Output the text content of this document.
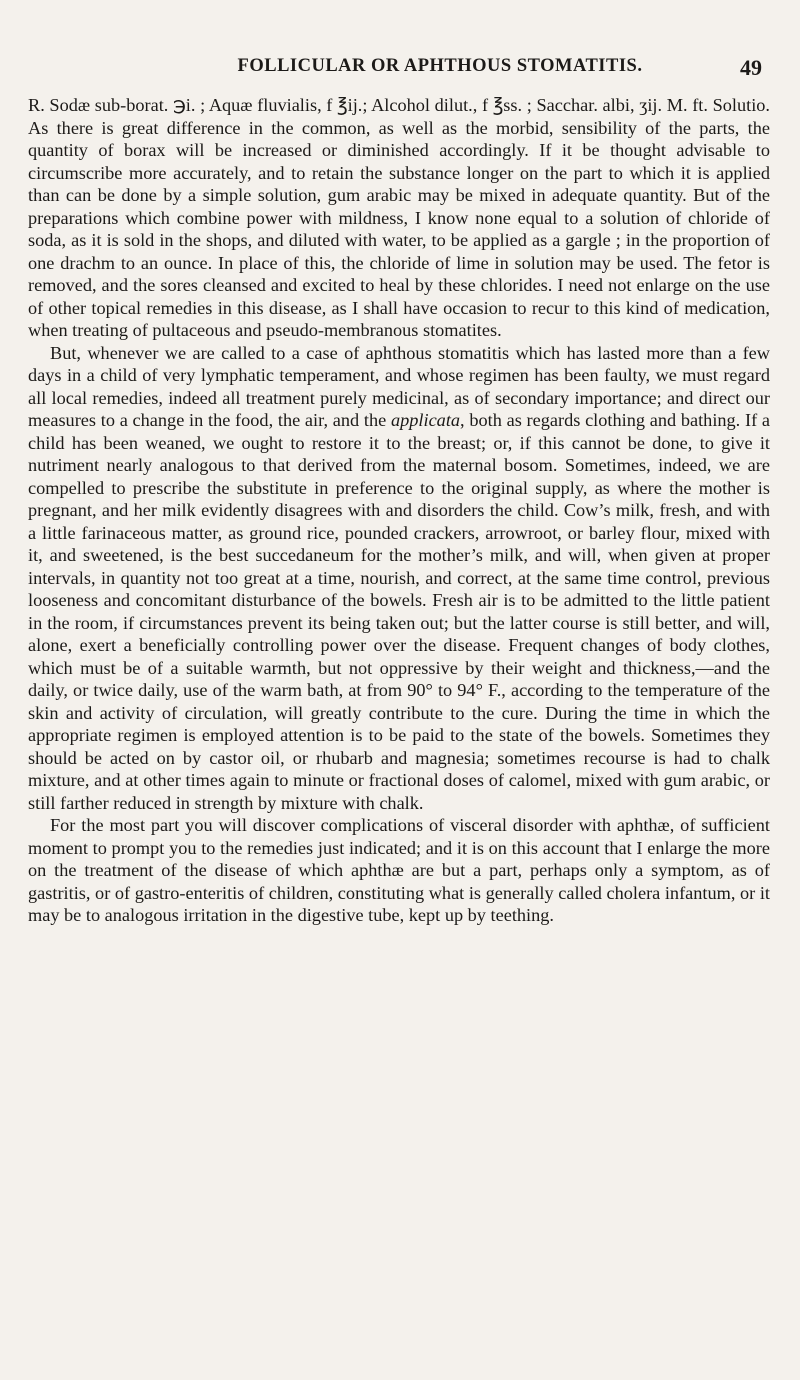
FOLLICULAR OR APHTHOUS STOMATITIS.	49

R. Sodæ sub-borat. ℈i. ; Aquæ fluvialis, f ℥ij.; Alcohol dilut., f ℥ss. ; Sacchar. albi, ʒij. M. ft. Solutio. As there is great difference in the common, as well as the morbid, sensibility of the parts, the quantity of borax will be increased or diminished accordingly. If it be thought advisable to circumscribe more accurately, and to retain the substance longer on the part to which it is applied than can be done by a simple solution, gum arabic may be mixed in adequate quantity. But of the preparations which combine power with mildness, I know none equal to a solution of chloride of soda, as it is sold in the shops, and diluted with water, to be applied as a gargle ; in the proportion of one drachm to an ounce. In place of this, the chloride of lime in solution may be used. The fetor is removed, and the sores cleansed and excited to heal by these chlorides. I need not enlarge on the use of other topical remedies in this disease, as I shall have occasion to recur to this kind of medication, when treating of pultaceous and pseudo-membranous stomatites.

But, whenever we are called to a case of aphthous stomatitis which has lasted more than a few days in a child of very lymphatic temperament, and whose regimen has been faulty, we must regard all local remedies, indeed all treatment purely medicinal, as of secondary importance; and direct our measures to a change in the food, the air, and the applicata, both as regards clothing and bathing. If a child has been weaned, we ought to restore it to the breast; or, if this cannot be done, to give it nutriment nearly analogous to that derived from the maternal bosom. Sometimes, indeed, we are compelled to prescribe the substitute in preference to the original supply, as where the mother is pregnant, and her milk evidently disagrees with and disorders the child. Cow’s milk, fresh, and with a little farinaceous matter, as ground rice, pounded crackers, arrowroot, or barley flour, mixed with it, and sweetened, is the best succedaneum for the mother’s milk, and will, when given at proper intervals, in quantity not too great at a time, nourish, and correct, at the same time control, previous looseness and concomitant disturbance of the bowels. Fresh air is to be admitted to the little patient in the room, if circumstances prevent its being taken out; but the latter course is still better, and will, alone, exert a beneficially controlling power over the disease. Frequent changes of body clothes, which must be of a suitable warmth, but not oppressive by their weight and thickness,—and the daily, or twice daily, use of the warm bath, at from 90° to 94° F., according to the temperature of the skin and activity of circulation, will greatly contribute to the cure. During the time in which the appropriate regimen is employed attention is to be paid to the state of the bowels. Sometimes they should be acted on by castor oil, or rhubarb and magnesia; sometimes recourse is had to chalk mixture, and at other times again to minute or fractional doses of calomel, mixed with gum arabic, or still farther reduced in strength by mixture with chalk.

For the most part you will discover complications of visceral disorder with aphthæ, of sufficient moment to prompt you to the remedies just indicated; and it is on this account that I enlarge the more on the treatment of the disease of which aphthæ are but a part, perhaps only a symptom, as of gastritis, or of gastro-enteritis of children, constituting what is generally called cholera infantum, or it may be to analogous irritation in the digestive tube, kept up by teething.
